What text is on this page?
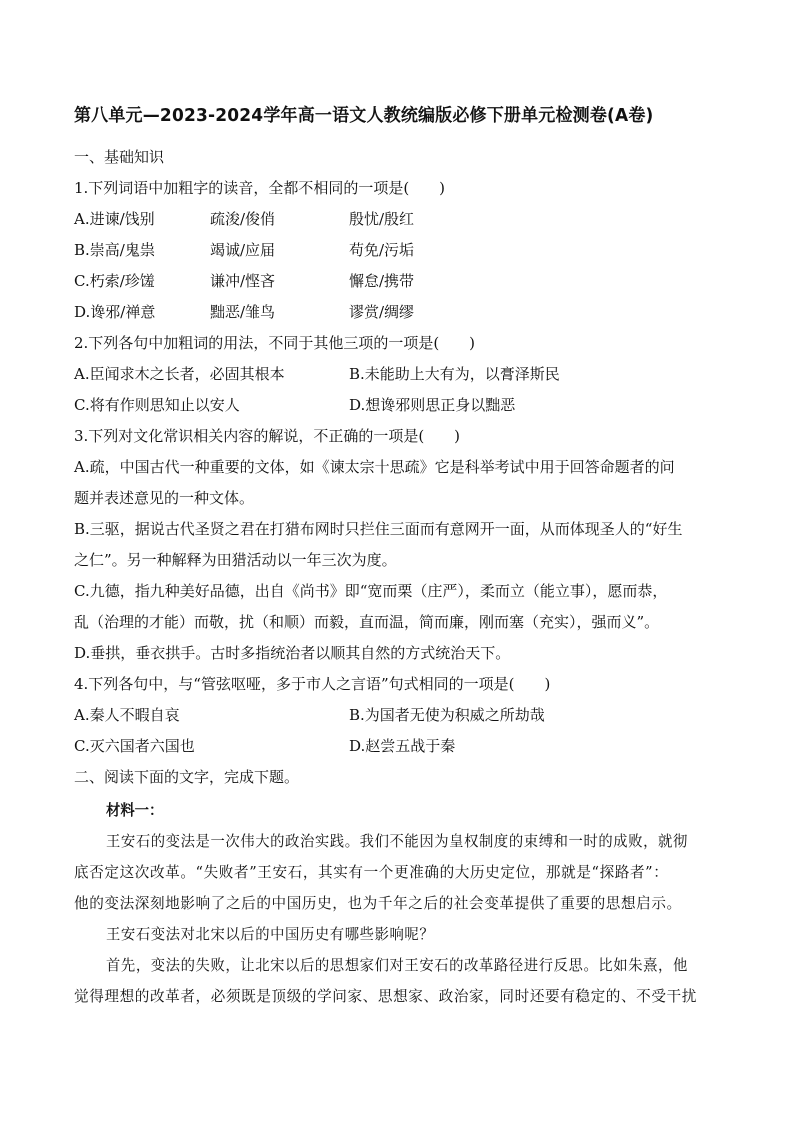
第八单元—2023-2024学年高一语文人教统编版必修下册单元检测卷(A卷)
一、基础知识
1.下列词语中加粗字的读音，全都不相同的一项是(　　)
A.进谏/饯别	疏浚/俊俏	殷忧/殷红
B.崇高/鬼祟	竭诚/应届	苟免/污垢
C.朽索/珍馐	谦冲/悭吝	懈怠/携带
D.谗邪/禅意	黜恶/雏鸟	谬赏/绸缪
2.下列各句中加粗词的用法，不同于其他三项的一项是(　　)
A.臣闻求木之长者，必固其根本	B.未能助上大有为，以膏泽斯民
C.将有作则思知止以安人	D.想谗邪则思正身以黜恶
3.下列对文化常识相关内容的解说，不正确的一项是(　　)
A.疏，中国古代一种重要的文体，如《谏太宗十思疏》它是科举考试中用于回答命题者的问
题并表述意见的一种文体。
B.三驱，据说古代圣贤之君在打猎布网时只拦住三面而有意网开一面，从而体现圣人的“好生
之仁”。另一种解释为田猎活动以一年三次为度。
C.九德，指九种美好品德，出自《尚书》即“宽而栗（庄严），柔而立（能立事），愿而恭，
乱（治理的才能）而敬，扰（和顺）而毅，直而温，简而廉，刚而塞（充实），强而义”。
D.垂拱，垂衣拱手。古时多指统治者以顺其自然的方式统治天下。
4.下列各句中，与“管弦呕哑，多于市人之言语”句式相同的一项是(　　)
A.秦人不暇自哀	B.为国者无使为积威之所劫哉
C.灭六国者六国也	D.赵尝五战于秦
二、阅读下面的文字，完成下题。
材料一：
王安石的变法是一次伟大的政治实践。我们不能因为皇权制度的束缚和一时的成败，就彻
底否定这次改革。“失败者”王安石，其实有一个更准确的大历史定位，那就是“探路者”：
他的变法深刻地影响了之后的中国历史，也为千年之后的社会变革提供了重要的思想启示。
王安石变法对北宋以后的中国历史有哪些影响呢？
首先，变法的失败，让北宋以后的思想家们对王安石的改革路径进行反思。比如朱熹，他
觉得理想的改革者，必须既是顶级的学问家、思想家、政治家，同时还要有稳定的、不受干扰
